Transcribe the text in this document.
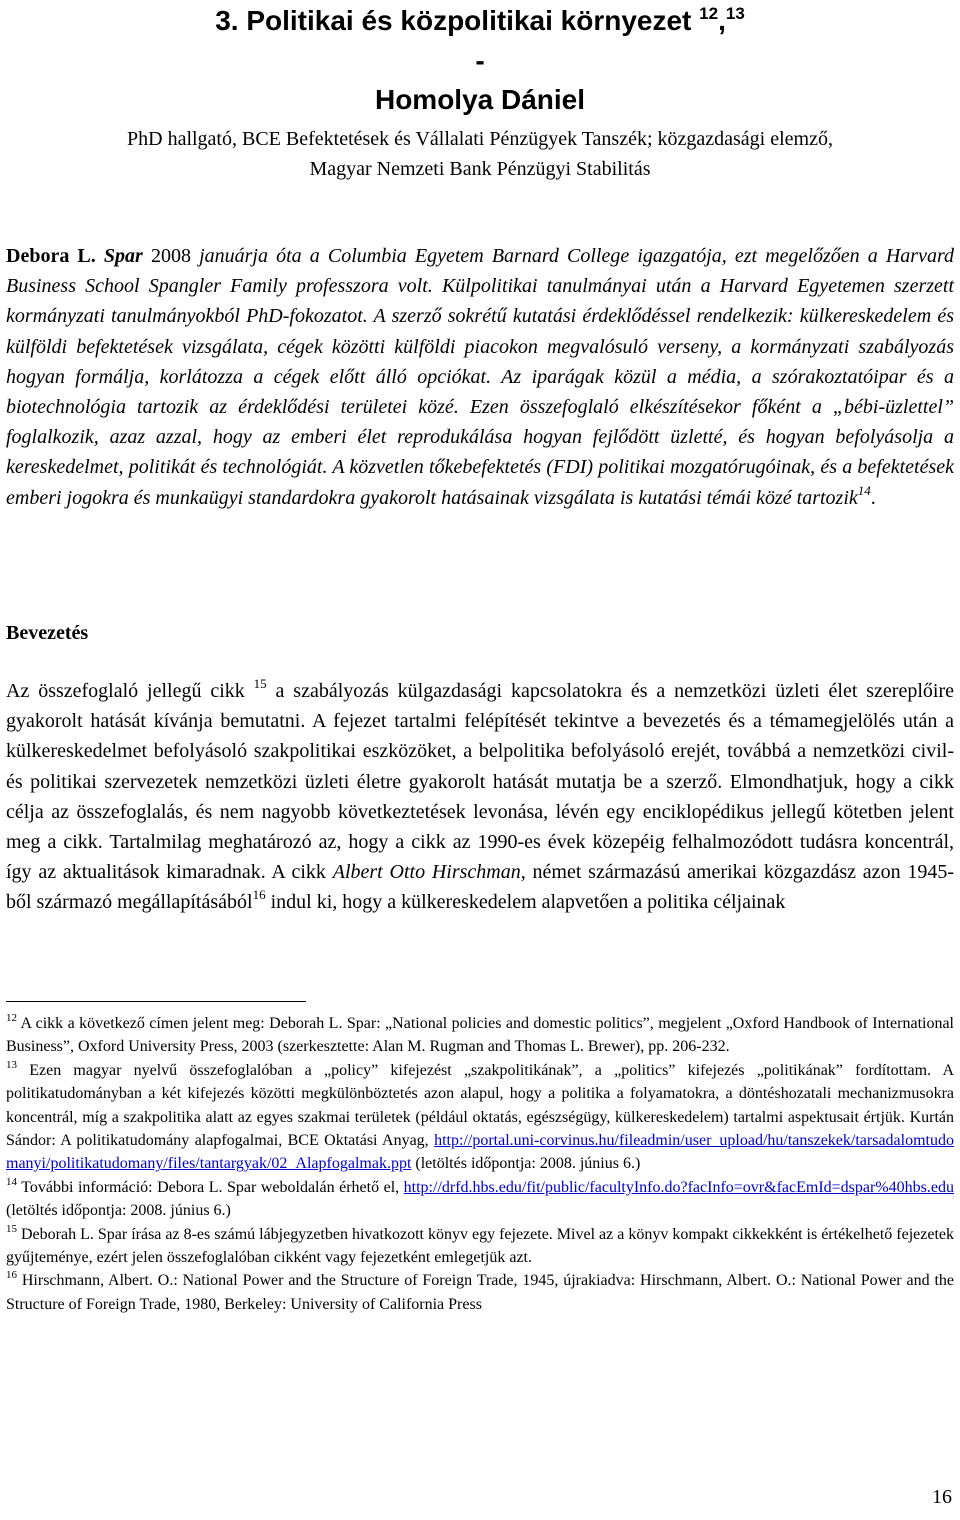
3. Politikai és közpolitikai környezet $^{12}$,$^{13}$
-
Homolya Dániel
PhD hallgató, BCE Befektetések és Vállalati Pénzügyek Tanszék; közgazdasági elemző,
Magyar Nemzeti Bank Pénzügyi Stabilitás

Debora L. Spar 2008 januárja óta a Columbia Egyetem Barnard College igazgatója, ezt megelőzően a Harvard Business School Spangler Family professzora volt. Külpolitikai tanulmányai után a Harvard Egyetemen szerzett kormányzati tanulmányokból PhD-fokozatot. A szerző sokrétű kutatási érdeklődéssel rendelkezik: külkereskedelem és külföldi befektetések vizsgálata, cégek közötti külföldi piacokon megvalósuló verseny, a kormányzati szabályozás hogyan formálja, korlátozza a cégek előtt álló opciókat. Az iparágak közül a média, a szórakoztatóipar és a biotechnológia tartozik az érdeklődési területei közé. Ezen összefoglaló elkészítésekor főként a „bébi-üzlettel” foglalkozik, azaz azzal, hogy az emberi élet reprodukálása hogyan fejlődött üzletté, és hogyan befolyásolja a kereskedelmet, politikát és technológiát. A közvetlen tőkebefektetés (FDI) politikai mozgatórugóinak, és a befektetések emberi jogokra és munkaügyi standardokra gyakorolt hatásainak vizsgálata is kutatási témái közé tartozik$^{14}$.

Bevezetés

Az összefoglaló jellegű cikk $^{15}$ a szabályozás külgazdasági kapcsolatokra és a nemzetközi üzleti élet szereplőire gyakorolt hatását kívánja bemutatni. A fejezet tartalmi felépítését tekintve a bevezetés és a témamegjelölés után a külkereskedelmet befolyásoló szakpolitikai eszközöket, a belpolitika befolyásoló erejét, továbbá a nemzetközi civil- és politikai szervezetek nemzetközi üzleti életre gyakorolt hatását mutatja be a szerző. Elmondhatjuk, hogy a cikk célja az összefoglalás, és nem nagyobb következtetések levonása, lévén egy enciklopédikus jellegű kötetben jelent meg a cikk. Tartalmilag meghatározó az, hogy a cikk az 1990-es évek közepéig felhalmozódott tudásra koncentrál, így az aktualitások kimaradnak. A cikk Albert Otto Hirschman, német származású amerikai közgazdász azon 1945-ből származó megállapításából$^{16}$ indul ki, hogy a külkereskedelem alapvetően a politika céljainak

$^{12}$ A cikk a következő címen jelent meg: Deborah L. Spar: „National policies and domestic politics”, megjelent „Oxford Handbook of International Business”, Oxford University Press, 2003 (szerkesztette: Alan M. Rugman and Thomas L. Brewer), pp. 206-232.

$^{13}$ Ezen magyar nyelvű összefoglalóban a „policy” kifejezést „szakpolitikának”, a „politics” kifejezés „politikának” fordítottam. A politikatudományban a két kifejezés közötti megkülönböztetés azon alapul, hogy a politika a folyamatokra, a döntéshozatali mechanizmusokra koncentrál, míg a szakpolitika alatt az egyes szakmai területek (például oktatás, egészségügy, külkereskedelem) tartalmi aspektusait értjük. Kurtán Sándor: A politikatudomány alapfogalmai, BCE Oktatási Anyag, http://portal.uni-corvinus.hu/fileadmin/user_upload/hu/tanszekek/tarsadalomtudomanyi/politikatudomany/files/tantargyak/02_Alapfogalmak.ppt (letöltés időpontja: 2008. június 6.)

$^{14}$ További információ: Debora L. Spar weboldalán érhető el, http://drfd.hbs.edu/fit/public/facultyInfo.do?facInfo=ovr&facEmId=dspar%40hbs.edu (letöltés időpontja: 2008. június 6.)

$^{15}$ Deborah L. Spar írása az 8-es számú lábjegyzetben hivatkozott könyv egy fejezete. Mivel az a könyv kompakt cikkekként is értékelhető fejezetek gyűjteménye, ezért jelen összefoglalóban cikként vagy fejezetként emlegetjük azt.

$^{16}$ Hirschmann, Albert. O.: National Power and the Structure of Foreign Trade, 1945, újrakiadva: Hirschmann, Albert. O.: National Power and the Structure of Foreign Trade, 1980, Berkeley: University of California Press

16
